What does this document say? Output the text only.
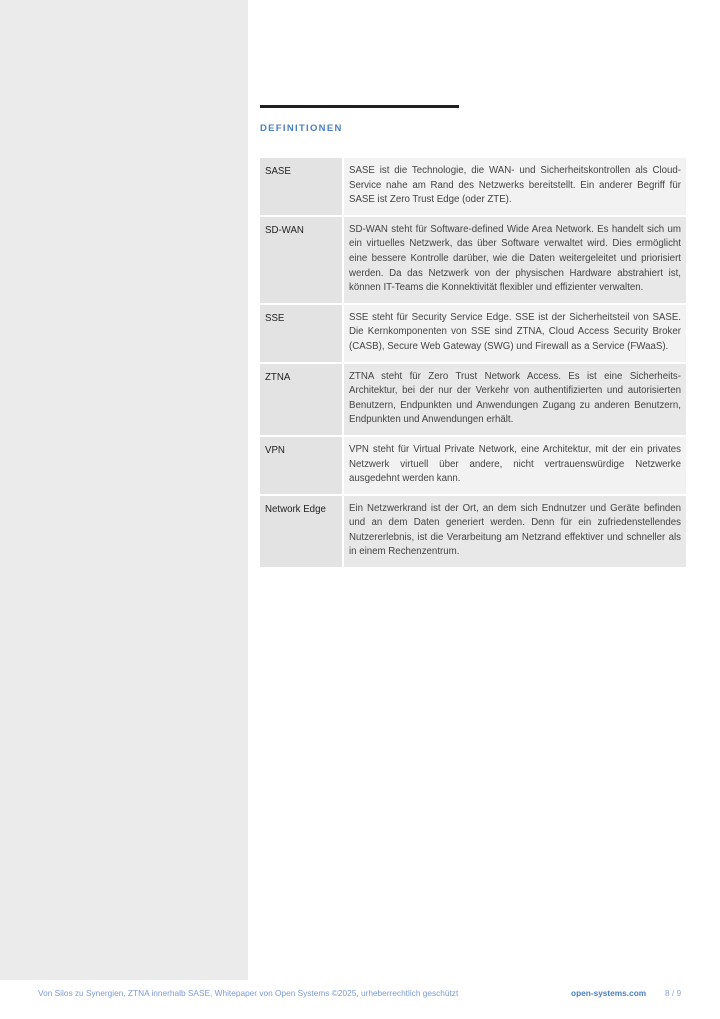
DEFINITIONEN
SASE	SASE ist die Technologie, die WAN- und Sicherheitskontrollen als Cloud-Service nahe am Rand des Netzwerks bereitstellt. Ein anderer Begriff für SASE ist Zero Trust Edge (oder ZTE).
SD-WAN	SD-WAN steht für Software-defined Wide Area Network. Es handelt sich um ein virtuelles Netzwerk, das über Software verwaltet wird. Dies ermöglicht eine bessere Kontrolle darüber, wie die Daten weitergeleitet und priorisiert werden. Da das Netzwerk von der physischen Hardware abstrahiert ist, können IT-Teams die Konnektivität flexibler und effizienter verwalten.
SSE	SSE steht für Security Service Edge. SSE ist der Sicherheitsteil von SASE. Die Kernkomponenten von SSE sind ZTNA, Cloud Access Security Broker (CASB), Secure Web Gateway (SWG) und Firewall as a Service (FWaaS).
ZTNA	ZTNA steht für Zero Trust Network Access. Es ist eine Sicherheits-Architektur, bei der nur der Verkehr von authentifizierten und autorisierten Benutzern, Endpunkten und Anwendungen Zugang zu anderen Benutzern, Endpunkten und Anwendungen erhält.
VPN	VPN steht für Virtual Private Network, eine Architektur, mit der ein privates Netzwerk virtuell über andere, nicht vertrauenswürdige Netzwerke ausgedehnt werden kann.
Network Edge	Ein Netzwerkrand ist der Ort, an dem sich Endnutzer und Geräte befinden und an dem Daten generiert werden. Denn für ein zufriedenstellendes Nutzererlebnis, ist die Verarbeitung am Netzrand effektiver und schneller als in einem Rechenzentrum.
Von Silos zu Synergien, ZTNA innerhalb SASE, Whitepaper von Open Systems ©2025, urheberrechtlich geschützt	open-systems.com 8 / 9
